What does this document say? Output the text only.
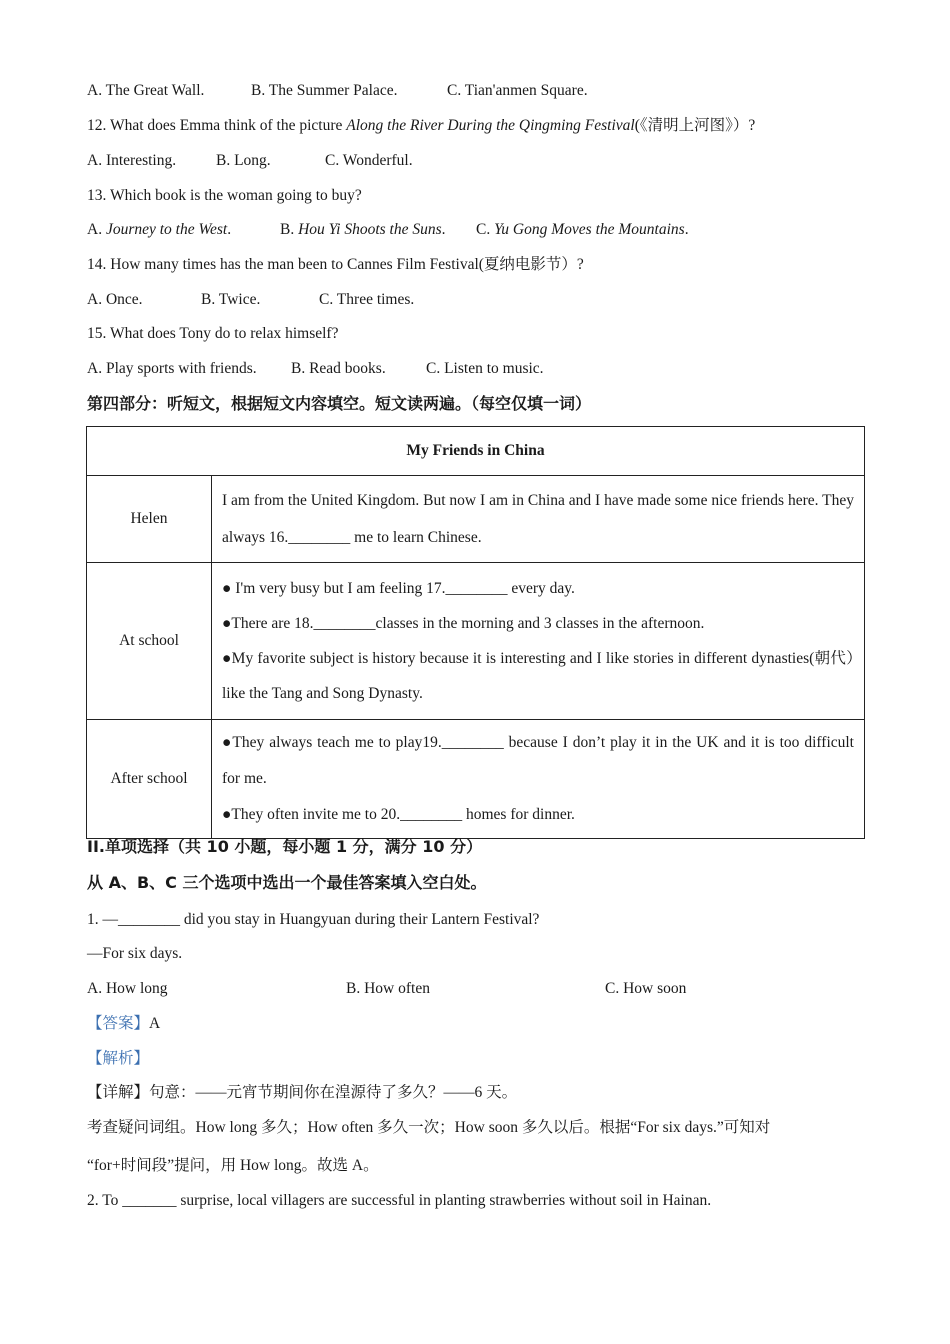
A. The Great Wall.	B. The Summer Palace.	C. Tian'anmen Square.
12. What does Emma think of the picture Along the River During the Qingming Festival(《清明上河图》）?
A. Interesting.	B. Long.	C. Wonderful.
13. Which book is the woman going to buy?
A. Journey to the West.	B. Hou Yi Shoots the Suns. C. Yu Gong Moves the Mountains.
14. How many times has the man been to Cannes Film Festival(夏纳电影节）?
A. Once.	B. Twice.	C. Three times.
15. What does Tony do to relax himself?
A. Play sports with friends. B. Read books.	C. Listen to music.
第四部分：听短文，根据短文内容填空。短文读两遍。（每空仅填一词）
My Friends in China	
Helen	I am from the United Kingdom. But now I am in China and I have made some nice friends here. They always 16.________ me to learn Chinese.

At school	● I'm very busy but I am feeling 17.________ every day.
●There are 18.________classes in the morning and 3 classes in the afternoon.
●My favorite subject is history because it is interesting and I like stories in different dynasties(朝代）like the Tang and Song Dynasty.

After school	●They always teach me to play19.________ because I don’t play it in the UK and it is too difficult for me.
●They often invite me to 20.________ homes for dinner.
II.单项选择（共 10 小题，每小题 1 分，满分 10 分）
从 A、B、C 三个选项中选出一个最佳答案填入空白处。
1. —________ did you stay in Huangyuan during their Lantern Festival?
—For six days.
A. How long	B. How often	C. How soon
【答案】A
【解析】
【详解】句意：——元宵节期间你在湟源待了多久？——6 天。
考查疑问词组。How long 多久；How often 多久一次；How soon 多久以后。根据“For six days.”可知对
“for+时间段”提问，用 How long。故选 A。
2. To _______ surprise, local villagers are successful in planting strawberries without soil in Hainan.
